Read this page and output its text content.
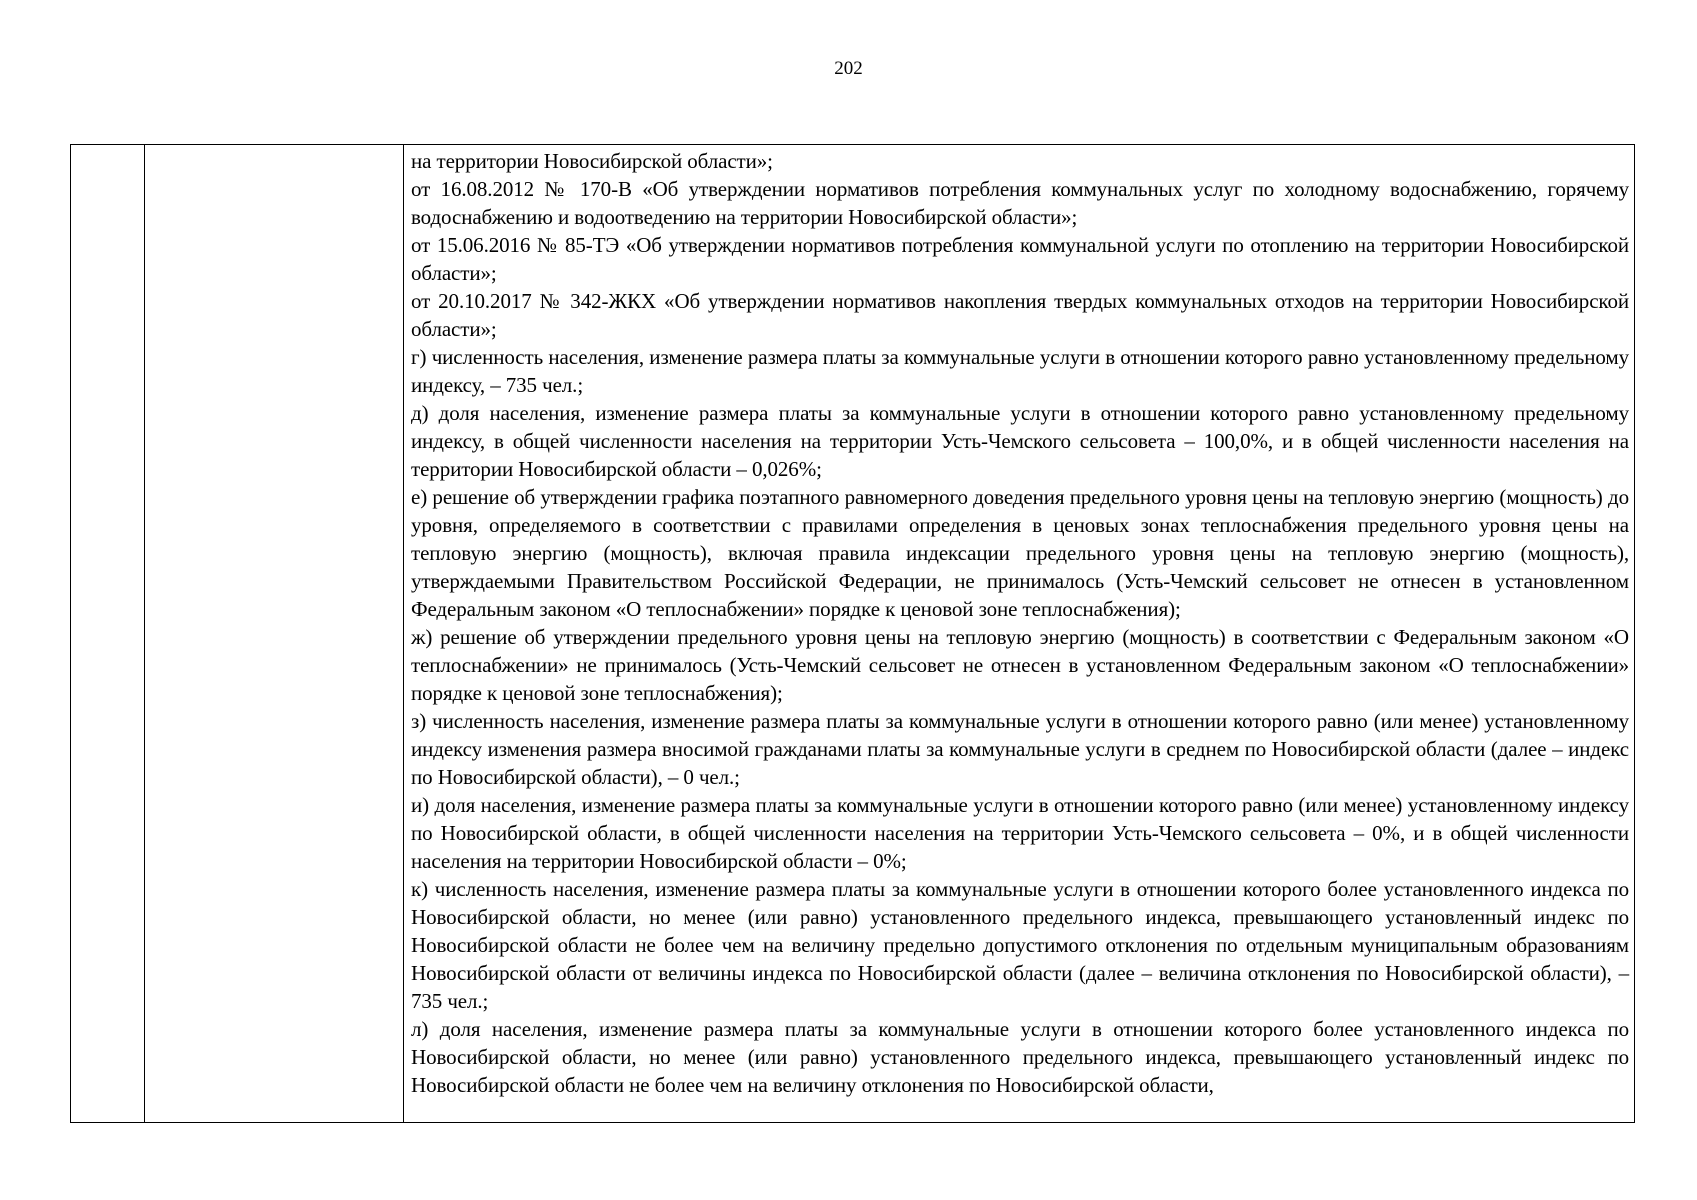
202

на территории Новосибирской области»;

от 16.08.2012 № 170-В «Об утверждении нормативов потребления коммунальных услуг по холодному водоснабжению, горячему водоснабжению и водоотведению на территории Новосибирской области»;

от 15.06.2016 № 85-ТЭ «Об утверждении нормативов потребления коммунальной услуги по отоплению на территории Новосибирской области»;

от 20.10.2017 № 342-ЖКХ «Об утверждении нормативов накопления твердых коммунальных отходов на территории Новосибирской области»;

г) численность населения, изменение размера платы за коммунальные услуги в отношении которого равно установленному предельному индексу, – 735 чел.;

д) доля населения, изменение размера платы за коммунальные услуги в отношении которого равно установленному предельному индексу, в общей численности населения на территории Усть-Чемского сельсовета – 100,0%, и в общей численности населения на территории Новосибирской области – 0,026%;

е) решение об утверждении графика поэтапного равномерного доведения предельного уровня цены на тепловую энергию (мощность) до уровня, определяемого в соответствии с правилами определения в ценовых зонах теплоснабжения предельного уровня цены на тепловую энергию (мощность), включая правила индексации предельного уровня цены на тепловую энергию (мощность), утверждаемыми Правительством Российской Федерации, не принималось (Усть-Чемский сельсовет не отнесен в установленном Федеральным законом «О теплоснабжении» порядке к ценовой зоне теплоснабжения);

ж) решение об утверждении предельного уровня цены на тепловую энергию (мощность) в соответствии с Федеральным законом «О теплоснабжении» не принималось (Усть-Чемский сельсовет не отнесен в установленном Федеральным законом «О теплоснабжении» порядке к ценовой зоне теплоснабжения);

з) численность населения, изменение размера платы за коммунальные услуги в отношении которого равно (или менее) установленному индексу изменения размера вносимой гражданами платы за коммунальные услуги в среднем по Новосибирской области (далее – индекс по Новосибирской области), – 0 чел.;

и) доля населения, изменение размера платы за коммунальные услуги в отношении которого равно (или менее) установленному индексу по Новосибирской области, в общей численности населения на территории Усть-Чемского сельсовета – 0%, и в общей численности населения на территории Новосибирской области – 0%;

к) численность населения, изменение размера платы за коммунальные услуги в отношении которого более установленного индекса по Новосибирской области, но менее (или равно) установленного предельного индекса, превышающего установленный индекс по Новосибирской области не более чем на величину предельно допустимого отклонения по отдельным муниципальным образованиям Новосибирской области от величины индекса по Новосибирской области (далее – величина отклонения по Новосибирской области), – 735 чел.;

л) доля населения, изменение размера платы за коммунальные услуги в отношении которого более установленного индекса по Новосибирской области, но менее (или равно) установленного предельного индекса, превышающего установленный индекс по Новосибирской области не более чем на величину отклонения по Новосибирской области,
